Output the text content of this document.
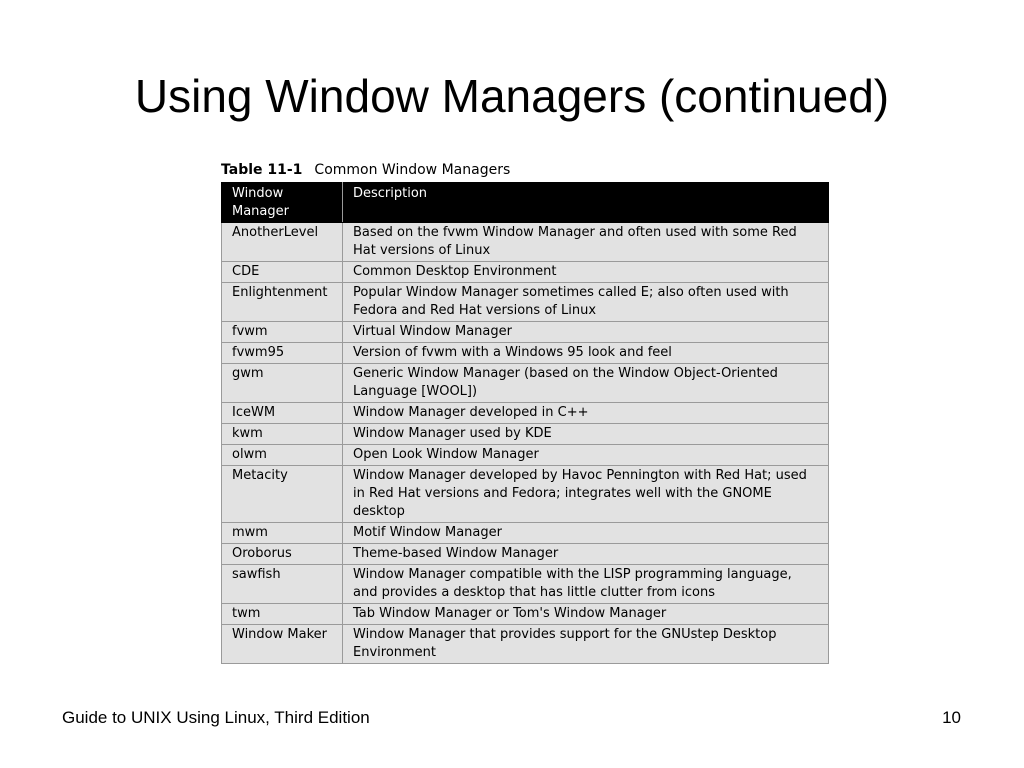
Using Window Managers (continued)
Table 11-1 Common Window Managers
Window Manager	Description
AnotherLevel	Based on the fvwm Window Manager and often used with some Red Hat versions of Linux
CDE	Common Desktop Environment
Enlightenment	Popular Window Manager sometimes called E; also often used with Fedora and Red Hat versions of Linux
fvwm	Virtual Window Manager
fvwm95	Version of fvwm with a Windows 95 look and feel
gwm	Generic Window Manager (based on the Window Object-Oriented Language [WOOL])
IceWM	Window Manager developed in C++
kwm	Window Manager used by KDE
olwm	Open Look Window Manager
Metacity	Window Manager developed by Havoc Pennington with Red Hat; used in Red Hat versions and Fedora; integrates well with the GNOME desktop
mwm	Motif Window Manager
Oroborus	Theme-based Window Manager
sawfish	Window Manager compatible with the LISP programming language, and provides a desktop that has little clutter from icons
twm	Tab Window Manager or Tom's Window Manager
Window Maker	Window Manager that provides support for the GNUstep Desktop Environment
Guide to UNIX Using Linux, Third Edition	10
